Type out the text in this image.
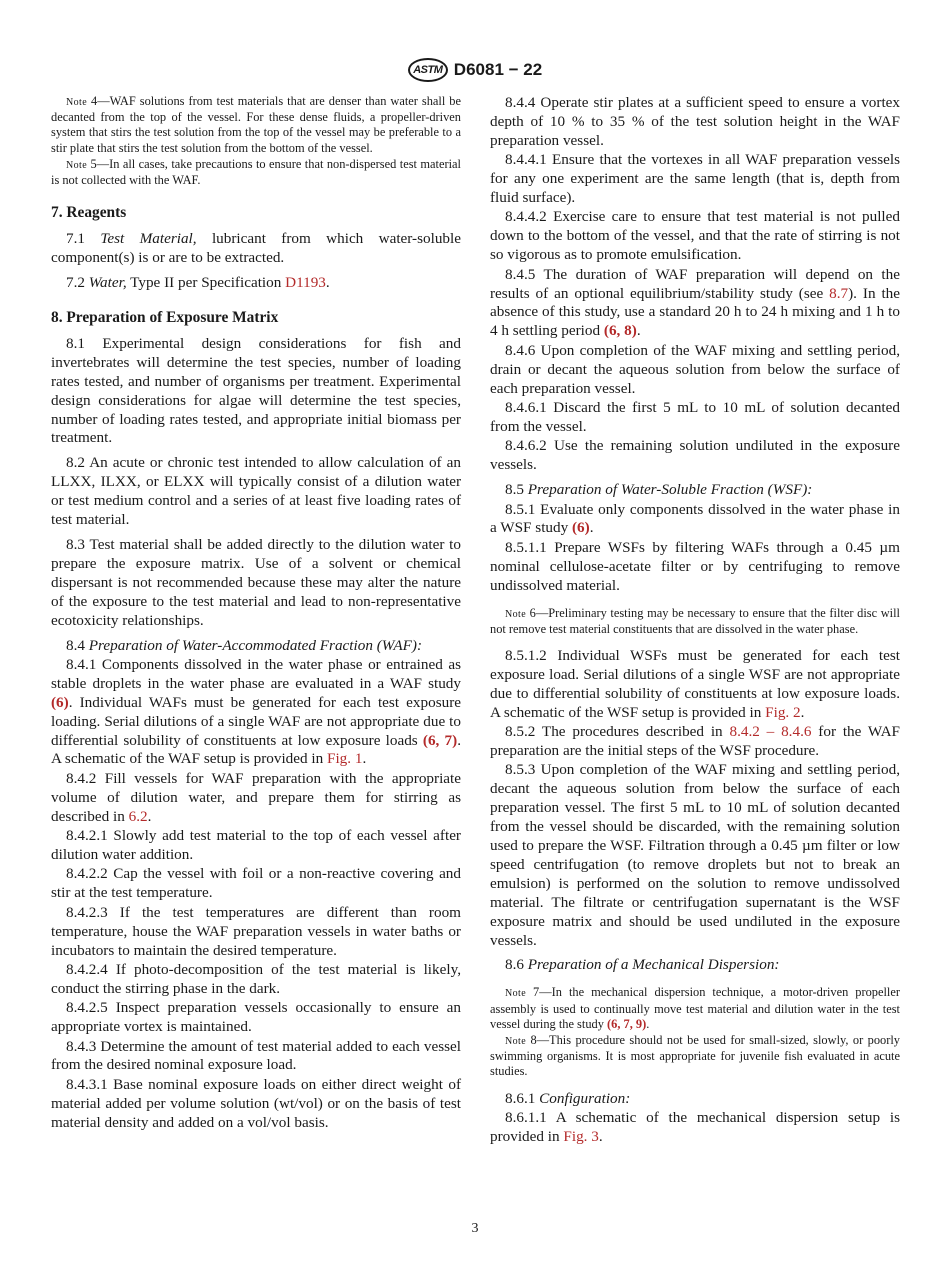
ASTM D6081 − 22

Note 4—WAF solutions from test materials that are denser than water shall be decanted from the top of the vessel. For these dense fluids, a propeller-driven system that stirs the test solution from the top of the vessel may be preferable to a stir plate that stirs the test solution from the bottom of the vessel.

Note 5—In all cases, take precautions to ensure that non-dispersed test material is not collected with the WAF.

7. Reagents

7.1 Test Material, lubricant from which water-soluble component(s) is or are to be extracted.

7.2 Water, Type II per Specification D1193.

8. Preparation of Exposure Matrix

8.1 Experimental design considerations for fish and invertebrates will determine the test species, number of loading rates tested, and number of organisms per treatment. Experimental design considerations for algae will determine the test species, number of loading rates tested, and appropriate initial biomass per treatment.

8.2 An acute or chronic test intended to allow calculation of an LLXX, ILXX, or ELXX will typically consist of a dilution water or test medium control and a series of at least five loading rates of test material.

8.3 Test material shall be added directly to the dilution water to prepare the exposure matrix. Use of a solvent or chemical dispersant is not recommended because these may alter the nature of the exposure to the test material and lead to non-representative ecotoxicity relationships.

8.4 Preparation of Water-Accommodated Fraction (WAF):

8.4.1 Components dissolved in the water phase or entrained as stable droplets in the water phase are evaluated in a WAF study (6). Individual WAFs must be generated for each test exposure loading. Serial dilutions of a single WAF are not appropriate due to differential solubility of constituents at low exposure loads (6, 7). A schematic of the WAF setup is provided in Fig. 1.

8.4.2 Fill vessels for WAF preparation with the appropriate volume of dilution water, and prepare them for stirring as described in 6.2.

8.4.2.1 Slowly add test material to the top of each vessel after dilution water addition.

8.4.2.2 Cap the vessel with foil or a non-reactive covering and stir at the test temperature.

8.4.2.3 If the test temperatures are different than room temperature, house the WAF preparation vessels in water baths or incubators to maintain the desired temperature.

8.4.2.4 If photo-decomposition of the test material is likely, conduct the stirring phase in the dark.

8.4.2.5 Inspect preparation vessels occasionally to ensure an appropriate vortex is maintained.

8.4.3 Determine the amount of test material added to each vessel from the desired nominal exposure load.

8.4.3.1 Base nominal exposure loads on either direct weight of material added per volume solution (wt/vol) or on the basis of test material density and added on a vol/vol basis.

8.4.4 Operate stir plates at a sufficient speed to ensure a vortex depth of 10 % to 35 % of the test solution height in the WAF preparation vessel.

8.4.4.1 Ensure that the vortexes in all WAF preparation vessels for any one experiment are the same length (that is, depth from fluid surface).

8.4.4.2 Exercise care to ensure that test material is not pulled down to the bottom of the vessel, and that the rate of stirring is not so vigorous as to promote emulsification.

8.4.5 The duration of WAF preparation will depend on the results of an optional equilibrium/stability study (see 8.7). In the absence of this study, use a standard 20 h to 24 h mixing and 1 h to 4 h settling period (6, 8).

8.4.6 Upon completion of the WAF mixing and settling period, drain or decant the aqueous solution from below the surface of each preparation vessel.

8.4.6.1 Discard the first 5 mL to 10 mL of solution decanted from the vessel.

8.4.6.2 Use the remaining solution undiluted in the exposure vessels.

8.5 Preparation of Water-Soluble Fraction (WSF):

8.5.1 Evaluate only components dissolved in the water phase in a WSF study (6).

8.5.1.1 Prepare WSFs by filtering WAFs through a 0.45 µm nominal cellulose-acetate filter or by centrifuging to remove undissolved material.

Note 6—Preliminary testing may be necessary to ensure that the filter disc will not remove test material constituents that are dissolved in the water phase.

8.5.1.2 Individual WSFs must be generated for each test exposure load. Serial dilutions of a single WSF are not appropriate due to differential solubility of constituents at low exposure loads. A schematic of the WSF setup is provided in Fig. 2.

8.5.2 The procedures described in 8.4.2 – 8.4.6 for the WAF preparation are the initial steps of the WSF procedure.

8.5.3 Upon completion of the WAF mixing and settling period, decant the aqueous solution from below the surface of each preparation vessel. The first 5 mL to 10 mL of solution decanted from the vessel should be discarded, with the remaining solution used to prepare the WSF. Filtration through a 0.45 µm filter or low speed centrifugation (to remove droplets but not to break an emulsion) is performed on the solution to remove undissolved material. The filtrate or centrifugation supernatant is the WSF exposure matrix and should be used undiluted in the exposure vessels.

8.6 Preparation of a Mechanical Dispersion:

Note 7—In the mechanical dispersion technique, a motor-driven propeller assembly is used to continually move test material and dilution water in the test vessel during the study (6, 7, 9).

Note 8—This procedure should not be used for small-sized, slowly, or poorly swimming organisms. It is most appropriate for juvenile fish evaluated in acute studies.

8.6.1 Configuration:

8.6.1.1 A schematic of the mechanical dispersion setup is provided in Fig. 3.

3
